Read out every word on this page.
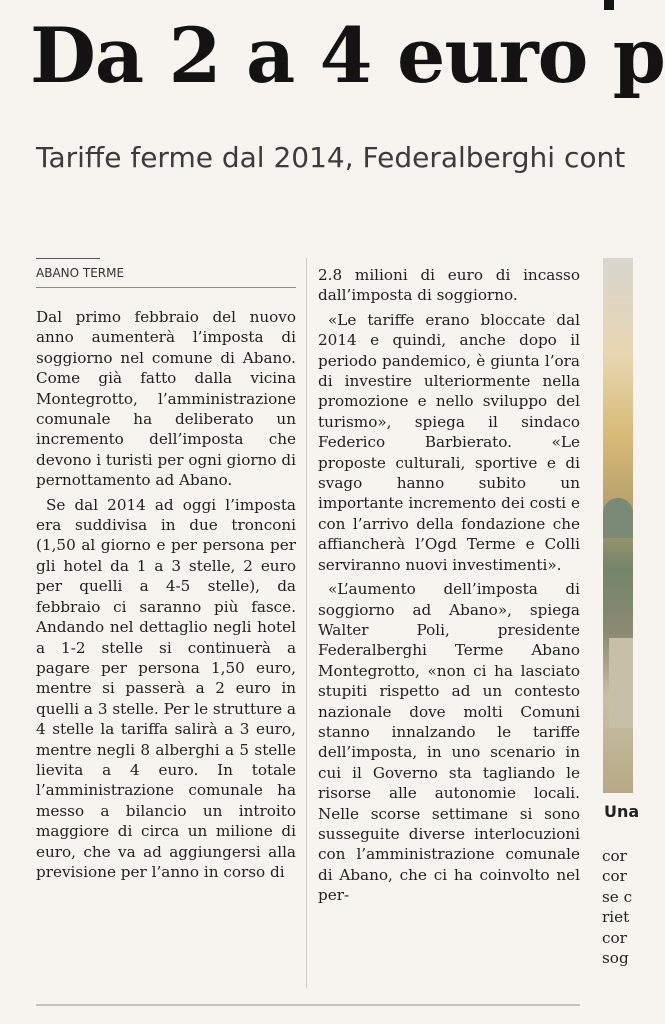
Da 2 a 4 euro p
Tariffe ferme dal 2014, Federalberghi cont
ABANO TERME

Dal primo febbraio del nuovo anno aumenterà l’imposta di soggiorno nel comune di Abano. Come già fatto dalla vicina Montegrotto, l’amministrazione comunale ha deliberato un incremento dell’imposta che devono i turisti per ogni giorno di pernottamento ad Abano.

Se dal 2014 ad oggi l’imposta era suddivisa in due tronconi (1,50 al giorno e per persona per gli hotel da 1 a 3 stelle, 2 euro per quelli a 4-5 stelle), da febbraio ci saranno più fasce. Andando nel dettaglio negli hotel a 1-2 stelle si continuerà a pagare per persona 1,50 euro, mentre si passerà a 2 euro in quelli a 3 stelle. Per le strutture a 4 stelle la tariffa salirà a 3 euro, mentre negli 8 alberghi a 5 stelle lievita a 4 euro. In totale l’amministrazione comunale ha messo a bilancio un introito maggiore di circa un milione di euro, che va ad aggiungersi alla previsione per l’anno in corso di

2.8 milioni di euro di incasso dall’imposta di soggiorno.

«Le tariffe erano bloccate dal 2014 e quindi, anche dopo il periodo pandemico, è giunta l’ora di investire ulteriormente nella promozione e nello sviluppo del turismo», spiega il sindaco Federico Barbierato. «Le proposte culturali, sportive e di svago hanno subito un importante incremento dei costi e con l’arrivo della fondazione che affiancherà l’Ogd Terme e Colli serviranno nuovi investimenti».

«L’aumento dell’imposta di soggiorno ad Abano», spiega Walter Poli, presidente Federalberghi Terme Abano Montegrotto, «non ci ha lasciato stupiti rispetto ad un contesto nazionale dove molti Comuni stanno innalzando le tariffe dell’imposta, in uno scenario in cui il Governo sta tagliando le risorse alle autonomie locali. Nelle scorse settimane si sono susseguite diverse interlocuzioni con l’amministrazione comunale di Abano, che ci ha coinvolto nel per-

Una
cor
cor
se c
riet
cor
sog
